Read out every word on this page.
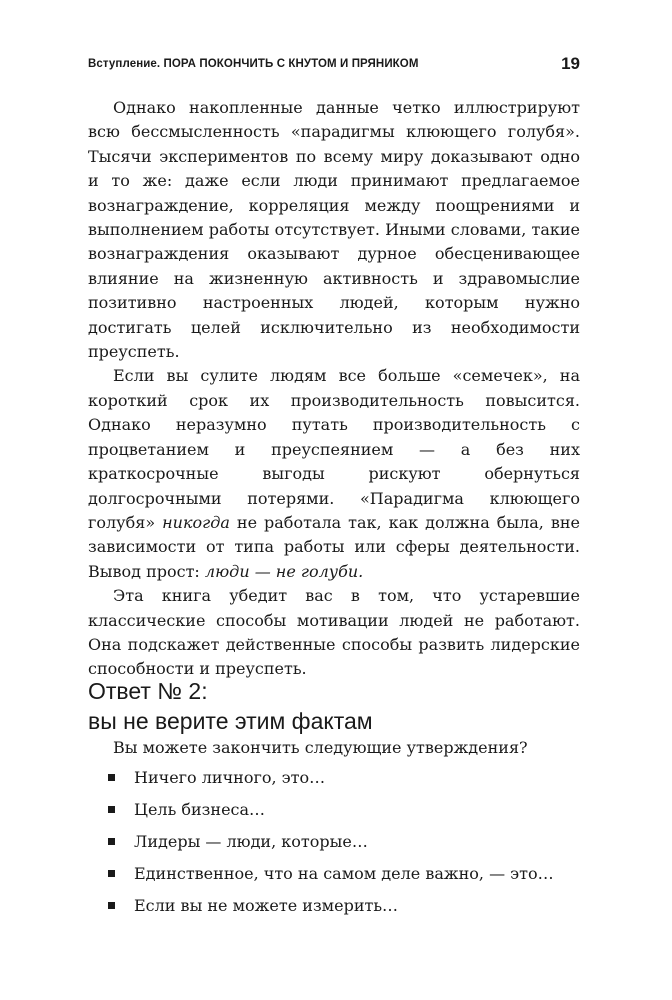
Вступление. ПОРА ПОКОНЧИТЬ С КНУТОМ И ПРЯНИКОМ	19

Однако накопленные данные четко иллюстрируют всю бессмысленность «парадигмы клюющего голубя». Тысячи экспериментов по всему миру доказывают одно и то же: даже если люди принимают предлагаемое вознаграждение, корреляция между поощрениями и выполнением работы отсутствует. Иными словами, такие вознаграждения оказывают дурное обесценивающее влияние на жизненную активность и здравомыслие позитивно настроенных людей, которым нужно достигать целей исключительно из необходимости преуспеть.

Если вы сулите людям все больше «семечек», на короткий срок их производительность повысится. Однако неразумно путать производительность с процветанием и преуспеянием — а без них краткосрочные выгоды рискуют обернуться долгосрочными потерями. «Парадигма клюющего голубя» никогда не работала так, как должна была, вне зависимости от типа работы или сферы деятельности. Вывод прост: люди — не голуби.

Эта книга убедит вас в том, что устаревшие классические способы мотивации людей не работают. Она подскажет действенные способы развить лидерские способности и преуспеть.

Ответ № 2:
вы не верите этим фактам
Вы можете закончить следующие утверждения?
Ничего личного, это…
Цель бизнеса…
Лидеры — люди, которые…
Единственное, что на самом деле важно, — это…
Если вы не можете измерить…
